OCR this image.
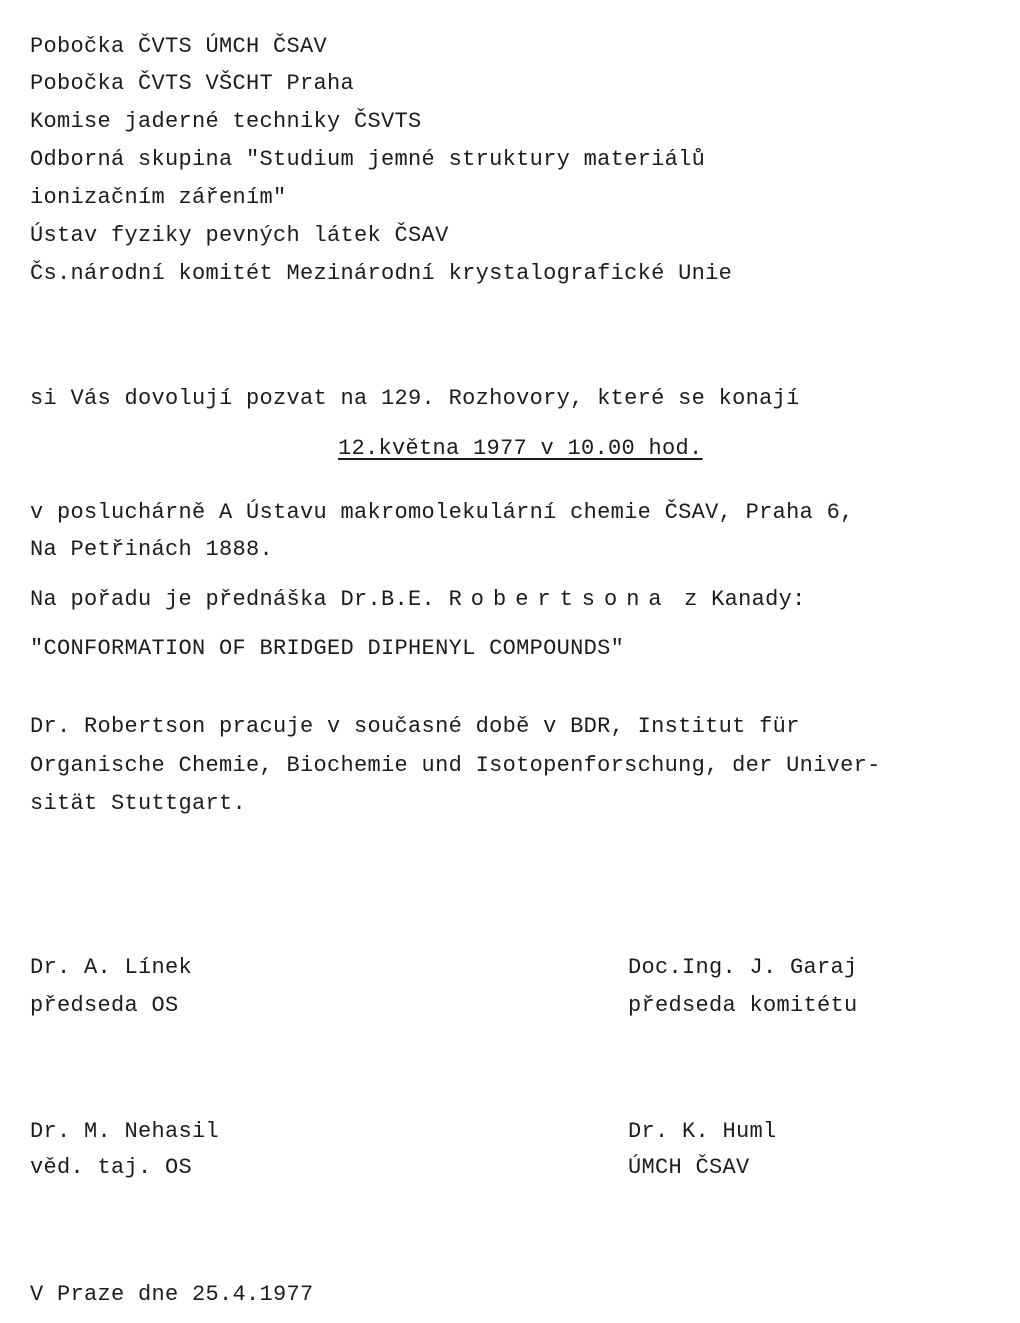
Pobočka ČVTS ÚMCH ČSAV
Pobočka ČVTS VŠCHT Praha
Komise jaderné techniky ČSVTS
Odborná skupina "Studium jemné struktury materiálů
ionizačním zářením"
Ústav fyziky pevných látek ČSAV
Čs.národní komitét Mezinárodní krystalografické Unie
si Vás dovolují pozvat na 129. Rozhovory, které se konají
12.května 1977 v 10.00 hod.
v posluchárně A Ústavu makromolekulární chemie ČSAV, Praha 6,
Na Petřinách 1888.
Na pořadu je přednáška Dr.B.E. Robertsona z Kanady:
"CONFORMATION OF BRIDGED DIPHENYL COMPOUNDS"
Dr. Robertson pracuje v současné době v BDR, Institut für
Organische Chemie, Biochemie und Isotopenforschung, der Univer-
sität Stuttgart.
Dr. A. Línek
předseda OS
Doc.Ing. J. Garaj
předseda komitétu
Dr. M. Nehasil
věd. taj. OS
Dr. K. Huml
ÚMCH ČSAV
V Praze dne 25.4.1977
